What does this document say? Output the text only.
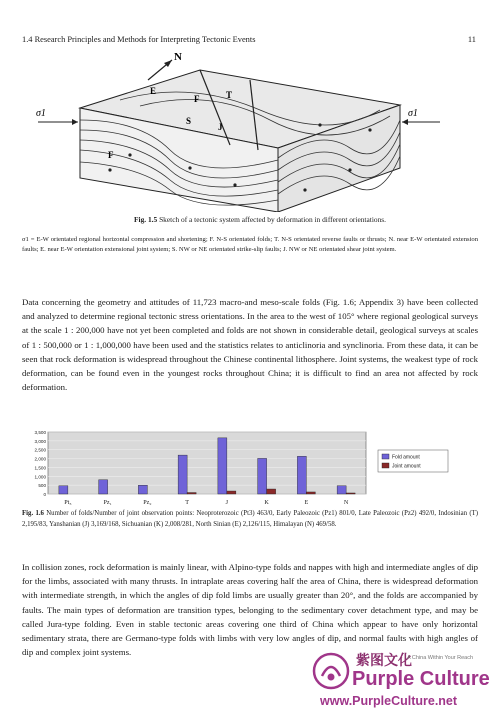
1.4 Research Principles and Methods for Interpreting Tectonic Events	11
N
σ1	σ1
E
F	T
S
J
F
Fig. 1.5 Sketch of a tectonic system affected by deformation in different orientations.
σ1 = E-W orientated regional horizontal compression and shortening; F. N-S orientated folds; T. N-S orientated reverse faults or thrusts; N. near E-W orientated extension faults; E. near E-W orientation extensional joint system; S. NW or NE orientated strike-slip faults; J. NW or NE orientated shear joint system.
Data concerning the geometry and attitudes of 11,723 macro-and meso-scale folds (Fig. 1.6; Appendix 3) have been collected and analyzed to determine regional tectonic stress orientations. In the area to the west of 105° where regional geological surveys at the scale 1 : 200,000 have not yet been completed and folds are not shown in considerable detail, geological surveys at scales of 1 : 500,000 or 1 : 1,000,000 have been used and the statistics relates to anticlinoria and synclinoria. From these data, it can be seen that rock deformation is widespread throughout the Chinese continental lithosphere. Joint systems, the weakest type of rock deformation, can be found even in the youngest rocks throughout China; it is difficult to find an area not affected by rock deformation.
3,500
3,000
2,500
2,000
1,500
1,000
500
0
Pt₃	Pz₁	Pz₂	T	J	K	E	N
Fold amount
Joint amount
Fig. 1.6 Number of folds/Number of joint observation points: Neoproterozoic (Pt3) 463/0, Early Paleozoic (Pz1) 801/0, Late Paleozoic (Pz2) 492/0, Indosinian (T) 2,195/83, Yanshanian (J) 3,169/168, Sichuanian (K) 2,008/281, North Sinian (E) 2,126/115, Himalayan (N) 469/58.
In collision zones, rock deformation is mainly linear, with Alpino-type folds and nappes with high and intermediate angles of dip for the limbs, associated with many thrusts. In intraplate areas covering half the area of China, there is widespread deformation with intermediate strength, in which the angles of dip fold limbs are usually greater than 20°, and the folds are accompanied by faults. The main types of deformation are transition types, belonging to the sedimentary cover detachment type, and may be called Jura-type folding. Even in stable tectonic areas covering one third of China which appear to have only horizontal sedimentary strata, there are Germano-type folds with limbs with very low angles of dip, and normal faults with high angles of dip and complex joint systems.
紫图文化
A China Within Your Reach
Purple Culture
www.PurpleCulture.net
